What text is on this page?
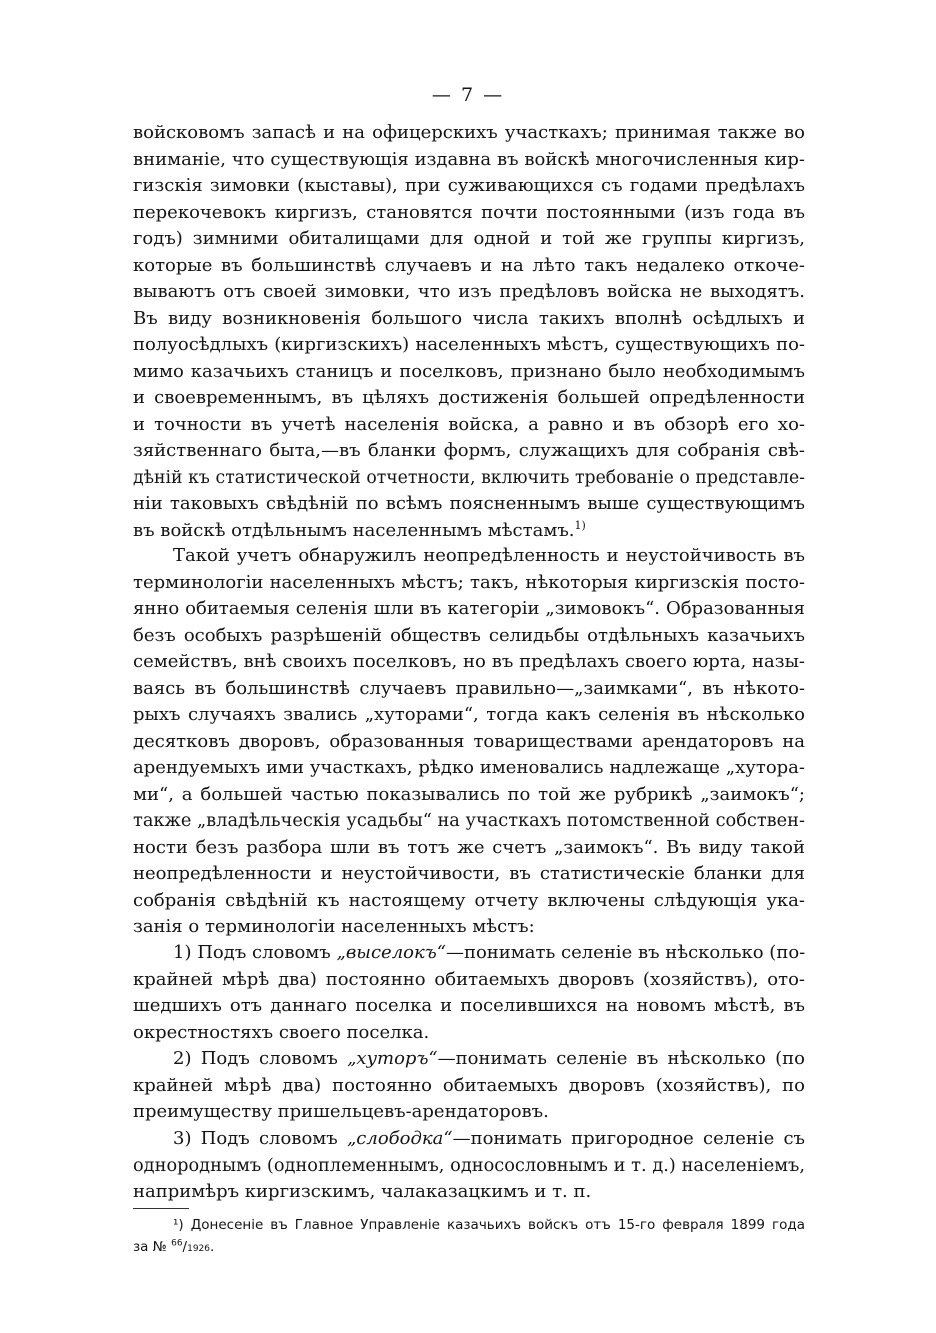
— 7 —
войсковомъ запасѣ и на офицерскихъ участкахъ; принимая также во
вниманіе, что существующія издавна въ войскѣ многочисленныя кир-
гизскія зимовки (кыставы), при суживающихся съ годами предѣлахъ
перекочевокъ киргизъ, становятся почти постоянными (изъ года въ
годъ) зимними обиталищами для одной и той же группы киргизъ,
которые въ большинствѣ случаевъ и на лѣто такъ недалеко откоче-
вываютъ отъ своей зимовки, что изъ предѣловъ войска не выходятъ.
Въ виду возникновенія большого числа такихъ вполнѣ осѣдлыхъ и
полуосѣдлыхъ (киргизскихъ) населенныхъ мѣстъ, существующихъ по-
мимо казачьихъ станицъ и поселковъ, признано было необходимымъ
и своевременнымъ, въ цѣляхъ достиженія большей опредѣленности
и точности въ учетѣ населенія войска, а равно и въ обзорѣ его хо-
зяйственнаго быта,—въ бланки формъ, служащихъ для собранія свѣ-
дѣній къ статистической отчетности, включить требованіе о представле-
ніи таковыхъ свѣдѣній по всѣмъ поясненнымъ выше существующимъ
въ войскѣ отдѣльнымъ населеннымъ мѣстамъ.$^{1)}$
Такой учетъ обнаружилъ неопредѣленность и неустойчивость въ
терминологіи населенныхъ мѣстъ; такъ, нѣкоторыя киргизскія посто-
янно обитаемыя селенія шли въ категоріи „зимовокъ“. Образованныя
безъ особыхъ разрѣшеній обществъ селидьбы отдѣльныхъ казачьихъ
семействъ, внѣ своихъ поселковъ, но въ предѣлахъ своего юрта, назы-
ваясь въ большинствѣ случаевъ правильно—„заимками“, въ нѣкото-
рыхъ случаяхъ звались „хуторами“, тогда какъ селенія въ нѣсколько
десятковъ дворовъ, образованныя товариществами арендаторовъ на
арендуемыхъ ими участкахъ, рѣдко именовались надлежаще „хутора-
ми“, а большей частью показывались по той же рубрикѣ „заимокъ“;
также „владѣльческія усадьбы“ на участкахъ потомственной собствен-
ности безъ разбора шли въ тотъ же счетъ „заимокъ“. Въ виду такой
неопредѣленности и неустойчивости, въ статистическіе бланки для
собранія свѣдѣній къ настоящему отчету включены слѣдующія ука-
занія о терминологіи населенныхъ мѣстъ:
1) Подъ словомъ „выселокъ“—понимать селеніе въ нѣсколько (по-
крайней мѣрѣ два) постоянно обитаемыхъ дворовъ (хозяйствъ), ото-
шедшихъ отъ даннаго поселка и поселившихся на новомъ мѣстѣ, въ
окрестностяхъ своего поселка.
2) Подъ словомъ „хуторъ“—понимать селеніе въ нѣсколько (по
крайней мѣрѣ два) постоянно обитаемыхъ дворовъ (хозяйствъ), по
преимуществу пришельцевъ-арендаторовъ.
3) Подъ словомъ „слободка“—понимать пригородное селеніе съ
однороднымъ (одноплеменнымъ, односословнымъ и т. д.) населеніемъ,
напримѣръ киргизскимъ, чалаказацкимъ и т. п.
¹) Донесеніе въ Главное Управленіе казачьихъ войскъ отъ 15-го февраля 1899 года
за № $^{66}$/1926.
